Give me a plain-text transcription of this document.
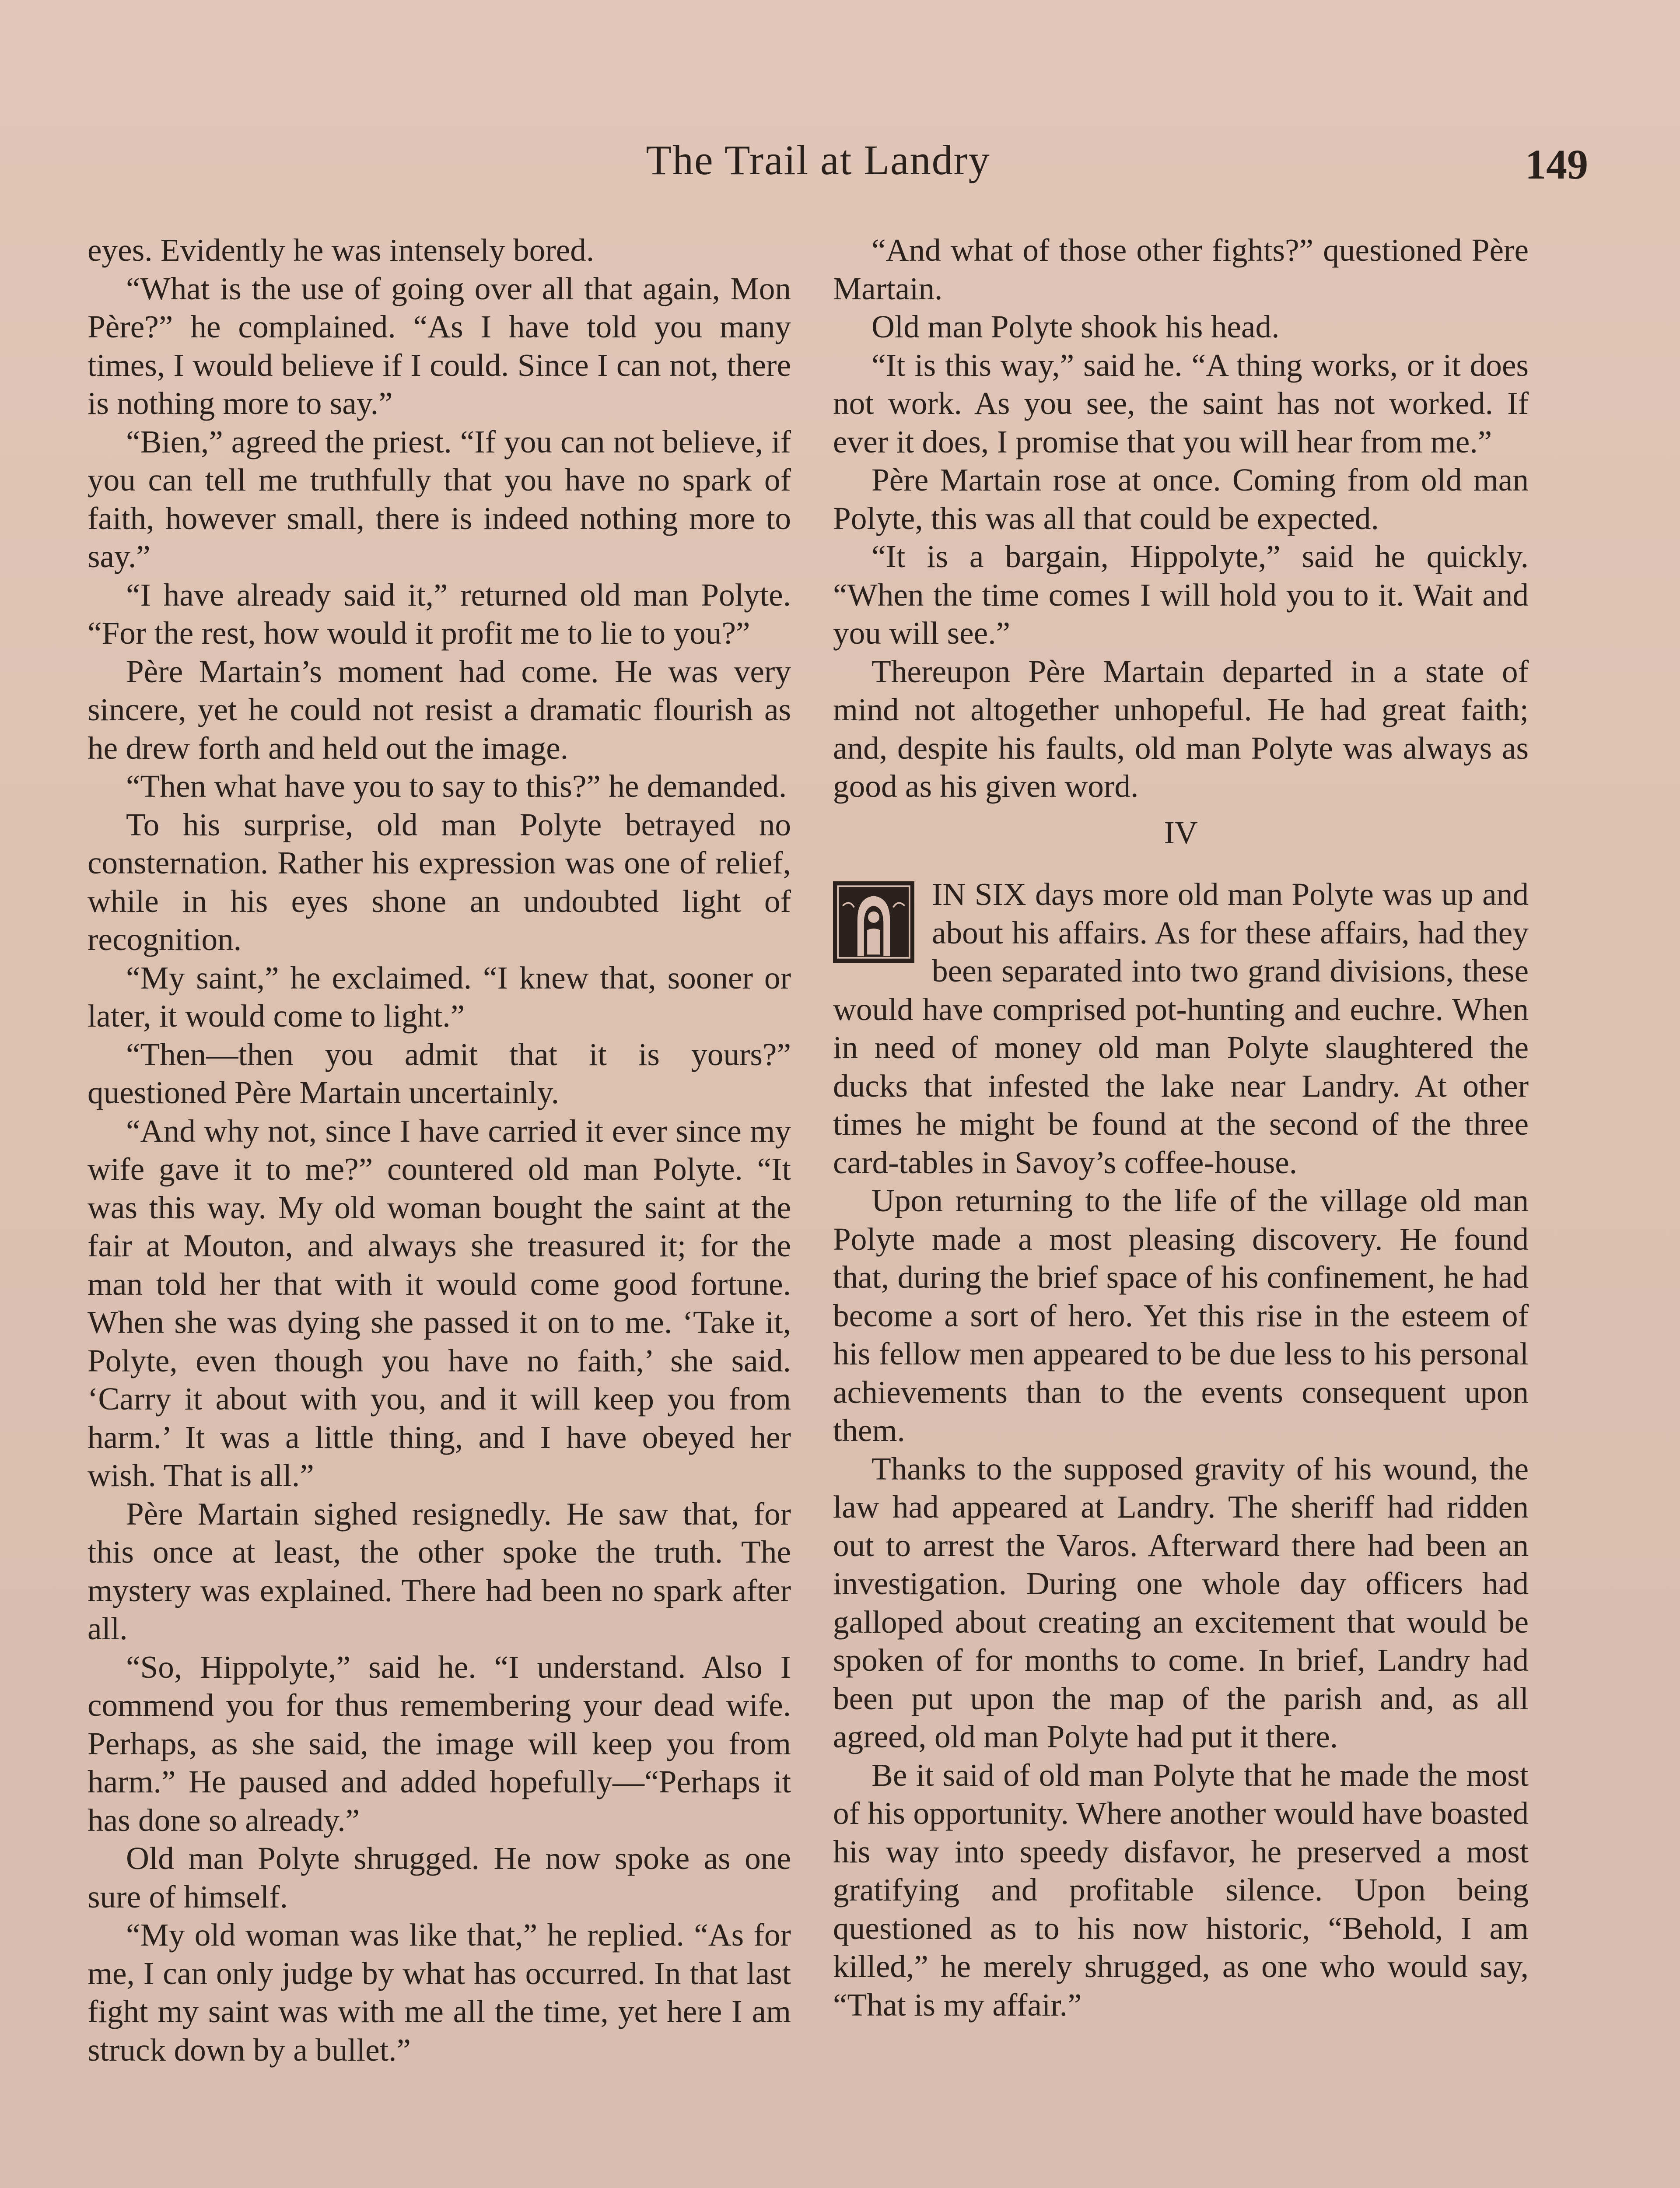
The Trail at Landry	149

eyes. Evidently he was intensely bored.

“What is the use of going over all that again, Mon Père?” he complained. “As I have told you many times, I would believe if I could. Since I can not, there is nothing more to say.”

“Bien,” agreed the priest. “If you can not believe, if you can tell me truthfully that you have no spark of faith, however small, there is indeed nothing more to say.”

“I have already said it,” returned old man Polyte. “For the rest, how would it profit me to lie to you?”

Père Martain’s moment had come. He was very sincere, yet he could not resist a dramatic flourish as he drew forth and held out the image.

“Then what have you to say to this?” he demanded.

To his surprise, old man Polyte betrayed no consternation. Rather his expression was one of relief, while in his eyes shone an undoubted light of recognition.

“My saint,” he exclaimed. “I knew that, sooner or later, it would come to light.”

“Then—then you admit that it is yours?” questioned Père Martain uncertainly.

“And why not, since I have carried it ever since my wife gave it to me?” countered old man Polyte. “It was this way. My old woman bought the saint at the fair at Mouton, and always she treasured it; for the man told her that with it would come good fortune. When she was dying she passed it on to me. ‘Take it, Polyte, even though you have no faith,’ she said. ‘Carry it about with you, and it will keep you from harm.’ It was a little thing, and I have obeyed her wish. That is all.”

Père Martain sighed resignedly. He saw that, for this once at least, the other spoke the truth. The mystery was explained. There had been no spark after all.

“So, Hippolyte,” said he. “I understand. Also I commend you for thus remembering your dead wife. Perhaps, as she said, the image will keep you from harm.” He paused and added hopefully—“Perhaps it has done so already.”

Old man Polyte shrugged. He now spoke as one sure of himself.

“My old woman was like that,” he replied. “As for me, I can only judge by what has occurred. In that last fight my saint was with me all the time, yet here I am struck down by a bullet.”

“And what of those other fights?” questioned Père Martain.

Old man Polyte shook his head.

“It is this way,” said he. “A thing works, or it does not work. As you see, the saint has not worked. If ever it does, I promise that you will hear from me.”

Père Martain rose at once. Coming from old man Polyte, this was all that could be expected.

“It is a bargain, Hippolyte,” said he quickly. “When the time comes I will hold you to it. Wait and you will see.”

Thereupon Père Martain departed in a state of mind not altogether unhopeful. He had great faith; and, despite his faults, old man Polyte was always as good as his given word.

IV

IN SIX days more old man Polyte was up and about his affairs. As for these affairs, had they been separated into two grand divisions, these would have comprised pot-hunting and euchre. When in need of money old man Polyte slaughtered the ducks that infested the lake near Landry. At other times he might be found at the second of the three card-tables in Savoy’s coffee-house.

Upon returning to the life of the village old man Polyte made a most pleasing discovery. He found that, during the brief space of his confinement, he had become a sort of hero. Yet this rise in the esteem of his fellow men appeared to be due less to his personal achievements than to the events consequent upon them.

Thanks to the supposed gravity of his wound, the law had appeared at Landry. The sheriff had ridden out to arrest the Varos. Afterward there had been an investigation. During one whole day officers had galloped about creating an excitement that would be spoken of for months to come. In brief, Landry had been put upon the map of the parish and, as all agreed, old man Polyte had put it there.

Be it said of old man Polyte that he made the most of his opportunity. Where another would have boasted his way into speedy disfavor, he preserved a most gratifying and profitable silence. Upon being questioned as to his now historic, “Behold, I am killed,” he merely shrugged, as one who would say, “That is my affair.”
